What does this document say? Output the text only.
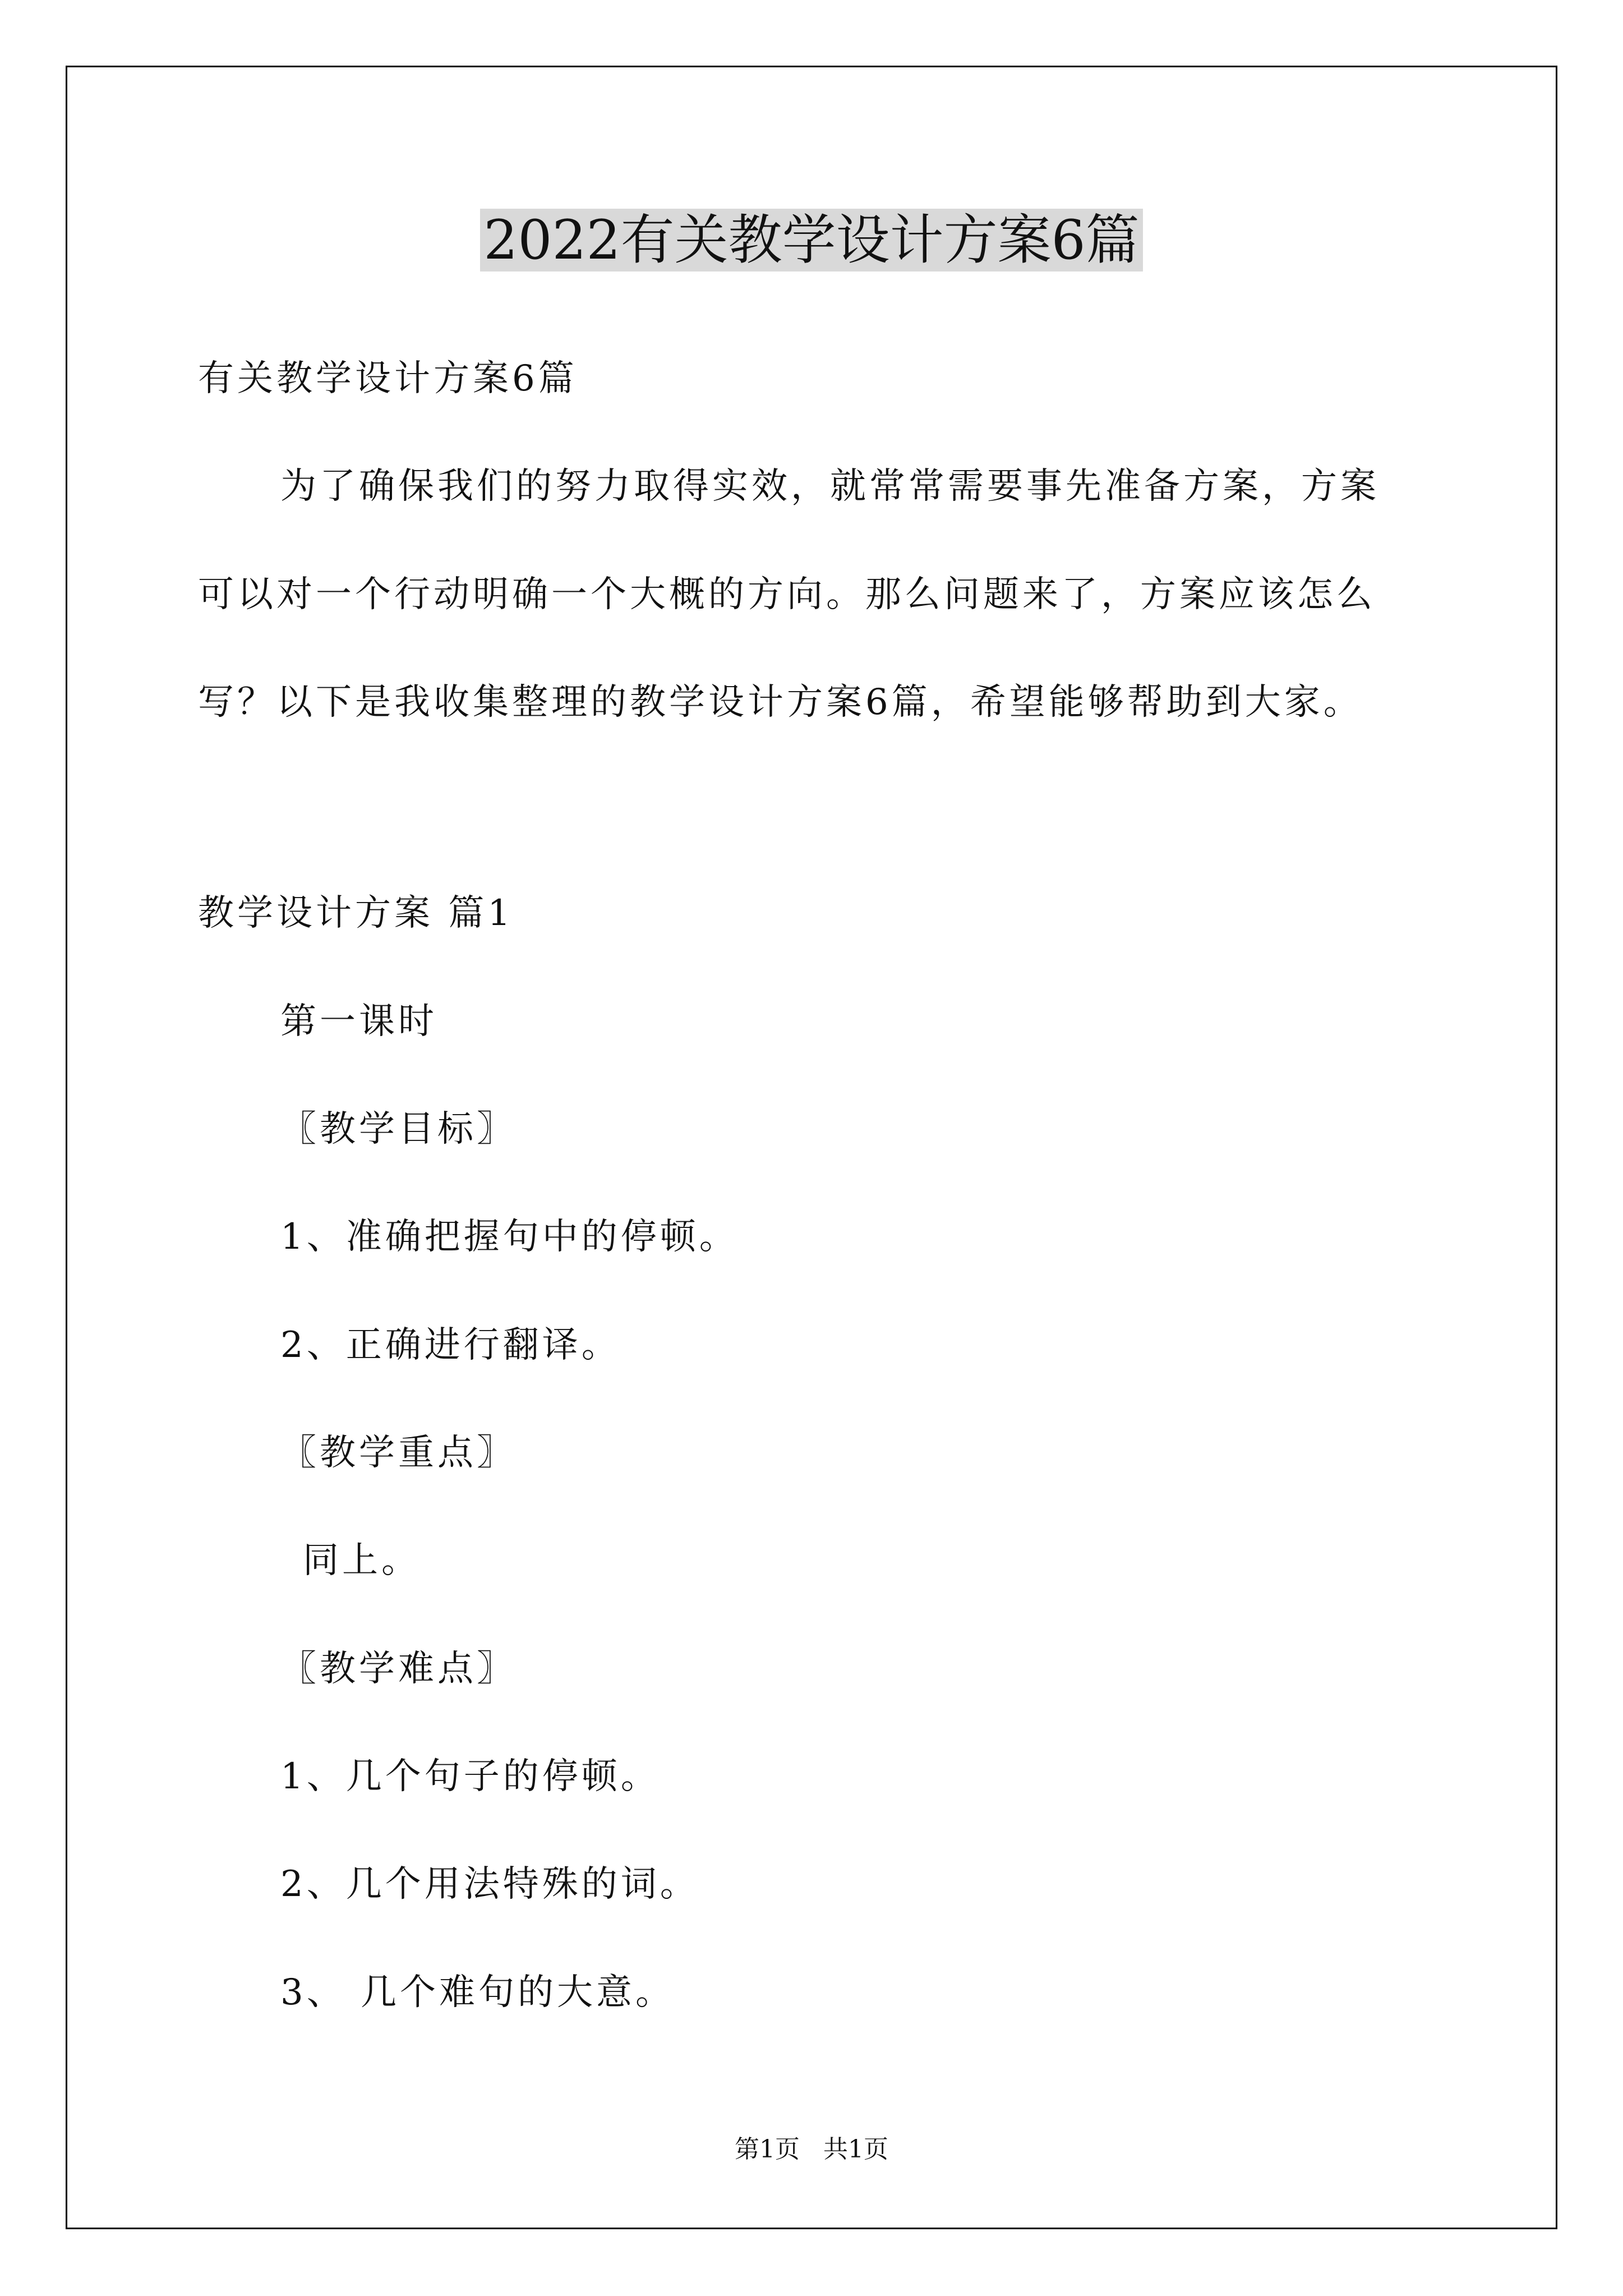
2022有关教学设计方案6篇

有关教学设计方案6篇

为了确保我们的努力取得实效，就常常需要事先准备方案，方案

可以对一个行动明确一个大概的方向。那么问题来了，方案应该怎么

写？以下是我收集整理的教学设计方案6篇，希望能够帮助到大家。

教学设计方案 篇1

第一课时

〖教学目标〗

1、准确把握句中的停顿。

2、正确进行翻译。

〖教学重点〗

同上。

〖教学难点〗

1、几个句子的停顿。

2、几个用法特殊的词。

3、 几个难句的大意。

第1页   共1页
